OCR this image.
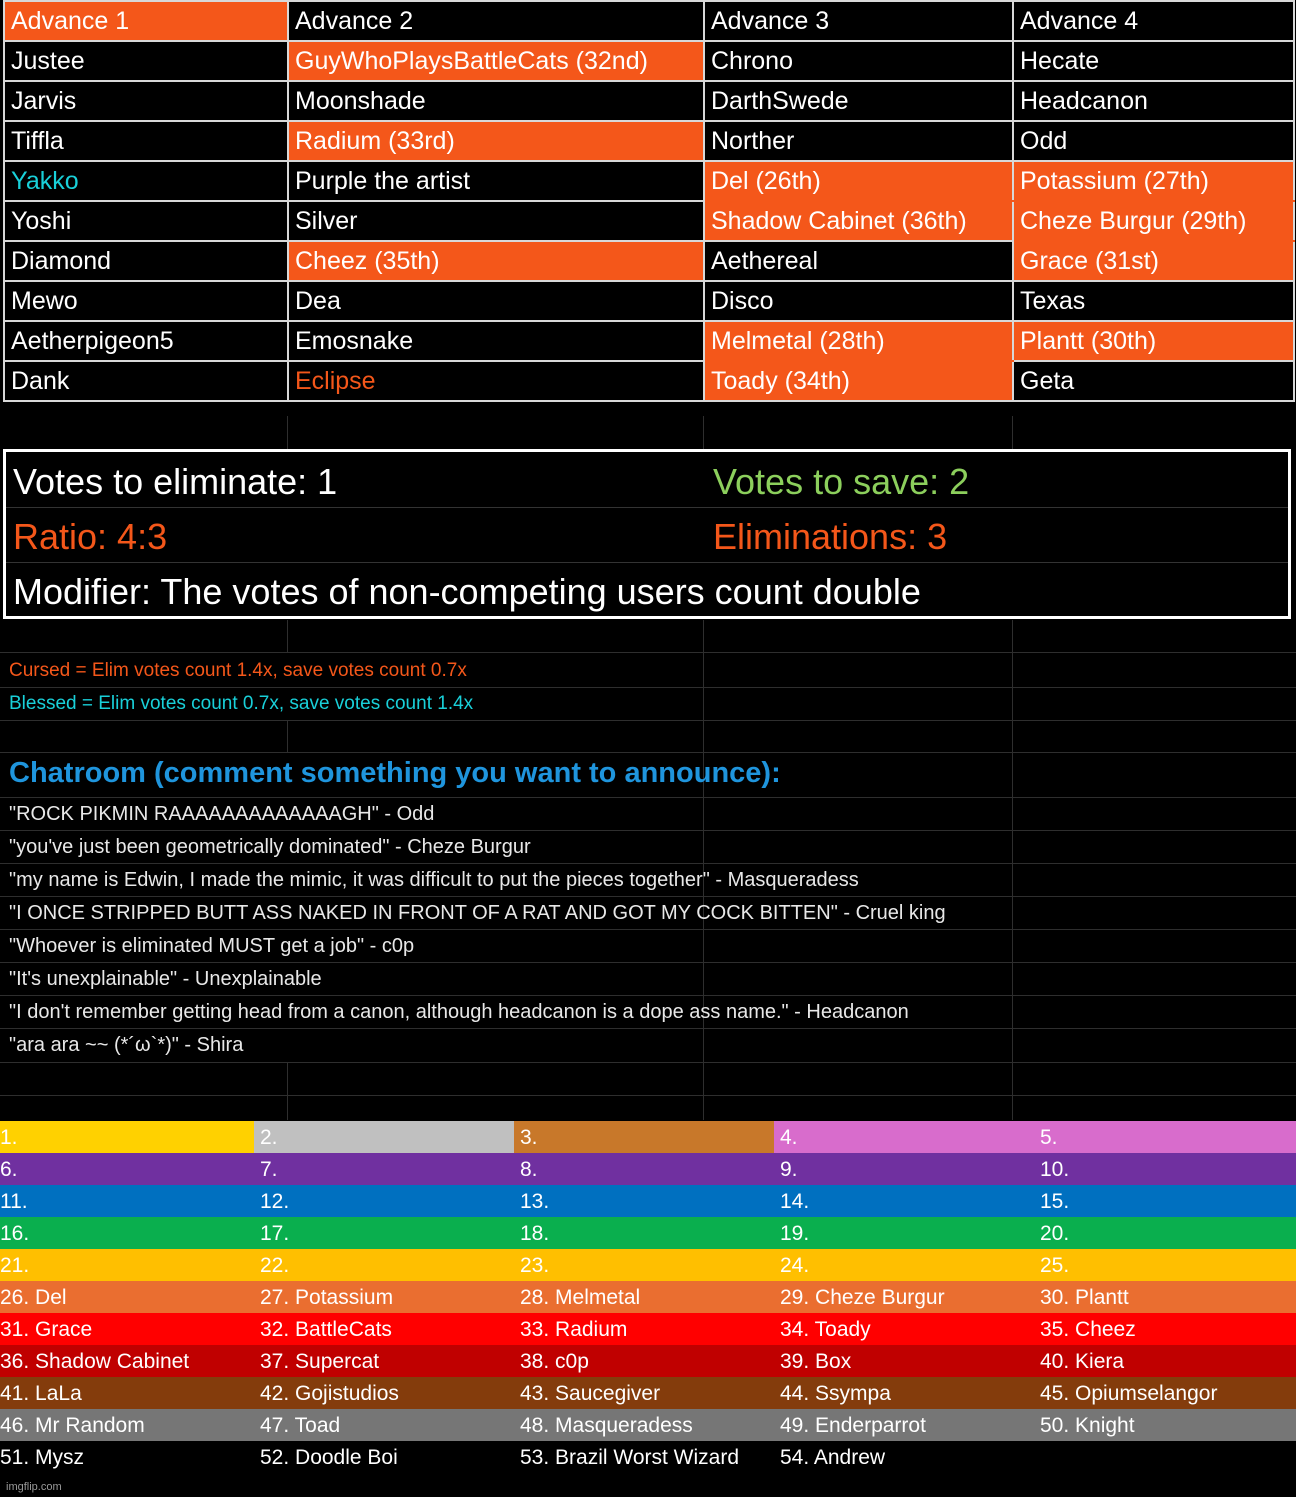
Advance 1	Advance 2	Advance 3	Advance 4
Justee	GuyWhoPlaysBattleCats (32nd)	Chrono	Hecate
Jarvis	Moonshade	DarthSwede	Headcanon
Tiffla	Radium (33rd)	Norther	Odd
Yakko	Purple the artist	Del (26th)	Potassium (27th)
Yoshi	Silver	Shadow Cabinet (36th)	Cheze Burgur (29th)
Diamond	Cheez (35th)	Aethereal	Grace (31st)
Mewo	Dea	Disco	Texas
Aetherpigeon5	Emosnake	Melmetal (28th)	Plantt (30th)
Dank	Eclipse	Toady (34th)	Geta
Votes to eliminate: 1	Votes to save: 2
Ratio: 4:3	Eliminations: 3
Modifier: The votes of non-competing users count double
Cursed = Elim votes count 1.4x, save votes count 0.7x
Blessed = Elim votes count 0.7x, save votes count 1.4x
Chatroom (comment something you want to announce):
"ROCK PIKMIN RAAAAAAAAAAAAAGH" - Odd
"you've just been geometrically dominated" - Cheze Burgur
"my name is Edwin, I made the mimic, it was difficult to put the pieces together" - Masqueradess
"I ONCE STRIPPED BUTT ASS NAKED IN FRONT OF A RAT AND GOT MY COCK BITTEN" - Cruel king
"Whoever is eliminated MUST get a job" - c0p
"It's unexplainable" - Unexplainable
"I don't remember getting head from a canon, although headcanon is a dope ass name." - Headcanon
"ara ara ~~ (*´ω`*)" - Shira
1.	2.	3.	4.	5.
6.	7.	8.	9.	10.
11.	12.	13.	14.	15.
16.	17.	18.	19.	20.
21.	22.	23.	24.	25.
26. Del	27. Potassium	28. Melmetal	29. Cheze Burgur	30. Plantt
31. Grace	32. BattleCats	33. Radium	34. Toady	35. Cheez
36. Shadow Cabinet	37. Supercat	38. c0p	39. Box	40. Kiera
41. LaLa	42. Gojistudios	43. Saucegiver	44. Ssympa	45. Opiumselangor
46. Mr Random	47. Toad	48. Masqueradess	49. Enderparrot	50. Knight
51. Mysz	52. Doodle Boi	53. Brazil Worst Wizard 54. Andrew
imgflip.com
